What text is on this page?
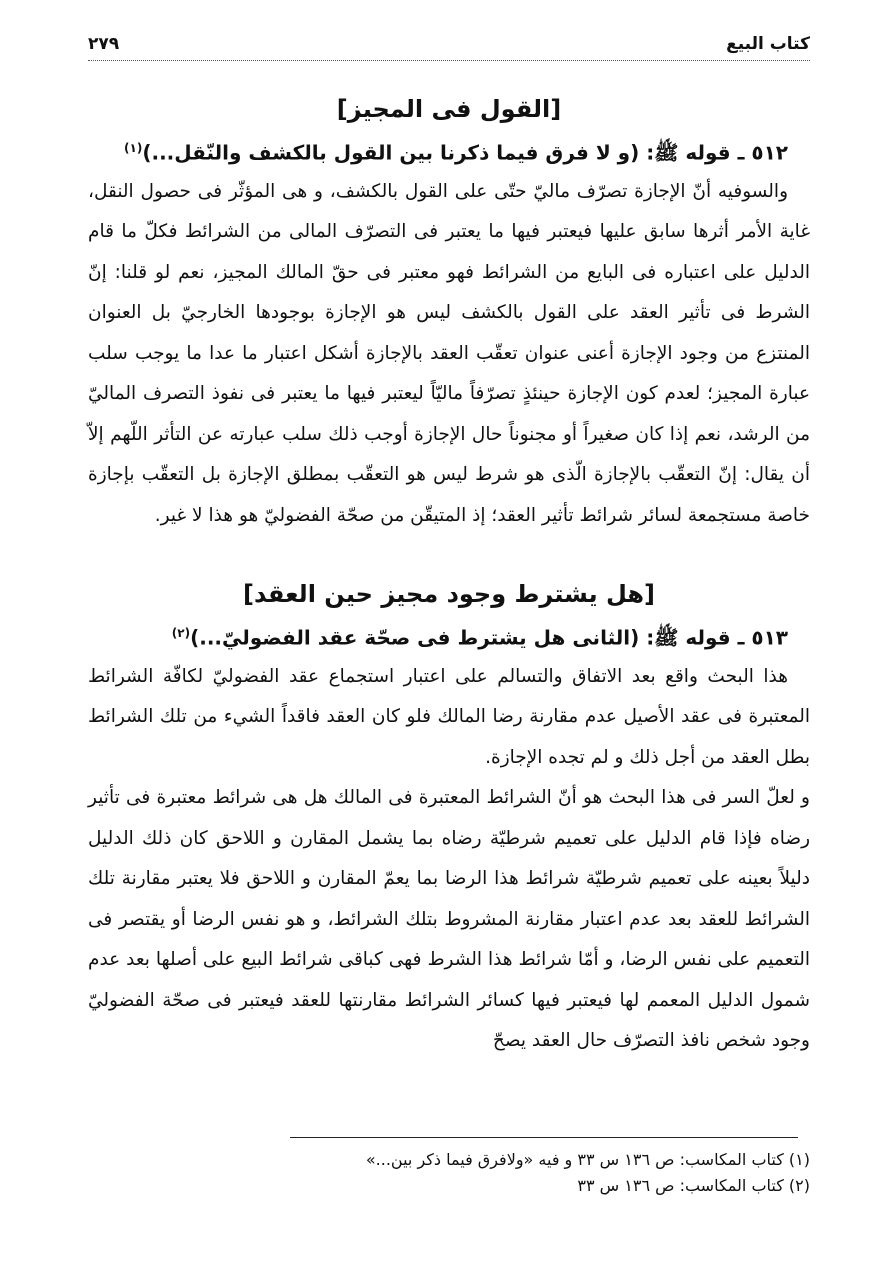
كتاب البيع
٢٧٩
[القول فى المجيز]

٥١٢ ـ قوله ﷺ: (و لا فرق فيما ذكرنا بين القول بالكشف والنّقل...)$^{(١)}$

والسوفيه أنّ الإجازة تصرّف ماليّ حتّى على القول بالكشف، و هى المؤثّر فى حصول النقل، غاية الأمر أثرها سابق عليها فيعتبر فيها ما يعتبر فى التصرّف المالى من الشرائط فكلّ ما قام الدليل على اعتباره فى البايع من الشرائط فهو معتبر فى حقّ المالك المجيز، نعم لو قلنا: إنّ الشرط فى تأثير العقد على القول بالكشف ليس هو الإجازة بوجودها الخارجيّ بل العنوان المنتزع من وجود الإجازة أعنى عنوان تعقّب العقد بالإجازة أشكل اعتبار ما عدا ما يوجب سلب عبارة المجيز؛ لعدم كون الإجازة حينئذٍ تصرّفاً ماليّاً ليعتبر فيها ما يعتبر فى نفوذ التصرف الماليّ من الرشد، نعم إذا كان صغيراً أو مجنوناً حال الإجازة أوجب ذلك سلب عبارته عن التأثر اللّهم إلاّ أن يقال: إنّ التعقّب بالإجازة الّذى هو شرط ليس هو التعقّب بمطلق الإجازة بل التعقّب بإجازة خاصة مستجمعة لسائر شرائط تأثير العقد؛ إذ المتيقّن من صحّة الفضوليّ هو هذا لا غير.

[هل يشترط وجود مجيز حين العقد]

٥١٣ ـ قوله ﷺ: (الثانى هل يشترط فى صحّة عقد الفضوليّ...)$^{(٢)}$

هذا البحث واقع بعد الاتفاق والتسالم على اعتبار استجماع عقد الفضوليّ لكافّة الشرائط المعتبرة فى عقد الأصيل عدم مقارنة رضا المالك فلو كان العقد فاقداً الشيء من تلك الشرائط بطل العقد من أجل ذلك و لم تجده الإجازة.

و لعلّ السر فى هذا البحث هو أنّ الشرائط المعتبرة فى المالك هل هى شرائط معتبرة فى تأثير رضاه فإذا قام الدليل على تعميم شرطيّة رضاه بما يشمل المقارن و اللاحق كان ذلك الدليل دليلاً بعينه على تعميم شرطيّة شرائط هذا الرضا بما يعمّ المقارن و اللاحق فلا يعتبر مقارنة تلك الشرائط للعقد بعد عدم اعتبار مقارنة المشروط بتلك الشرائط، و هو نفس الرضا أو يقتصر فى التعميم على نفس الرضا، و أمّا شرائط هذا الشرط فهى كباقى شرائط البيع على أصلها بعد عدم شمول الدليل المعمم لها فيعتبر فيها كسائر الشرائط مقارنتها للعقد فيعتبر فى صحّة الفضوليّ وجود شخص نافذ التصرّف حال العقد يصحّ

(١) كتاب المكاسب: ص ١٣٦ س ٣٣ و فيه «ولافرق فيما ذكر بين...»

(٢) كتاب المكاسب: ص ١٣٦ س ٣٣
